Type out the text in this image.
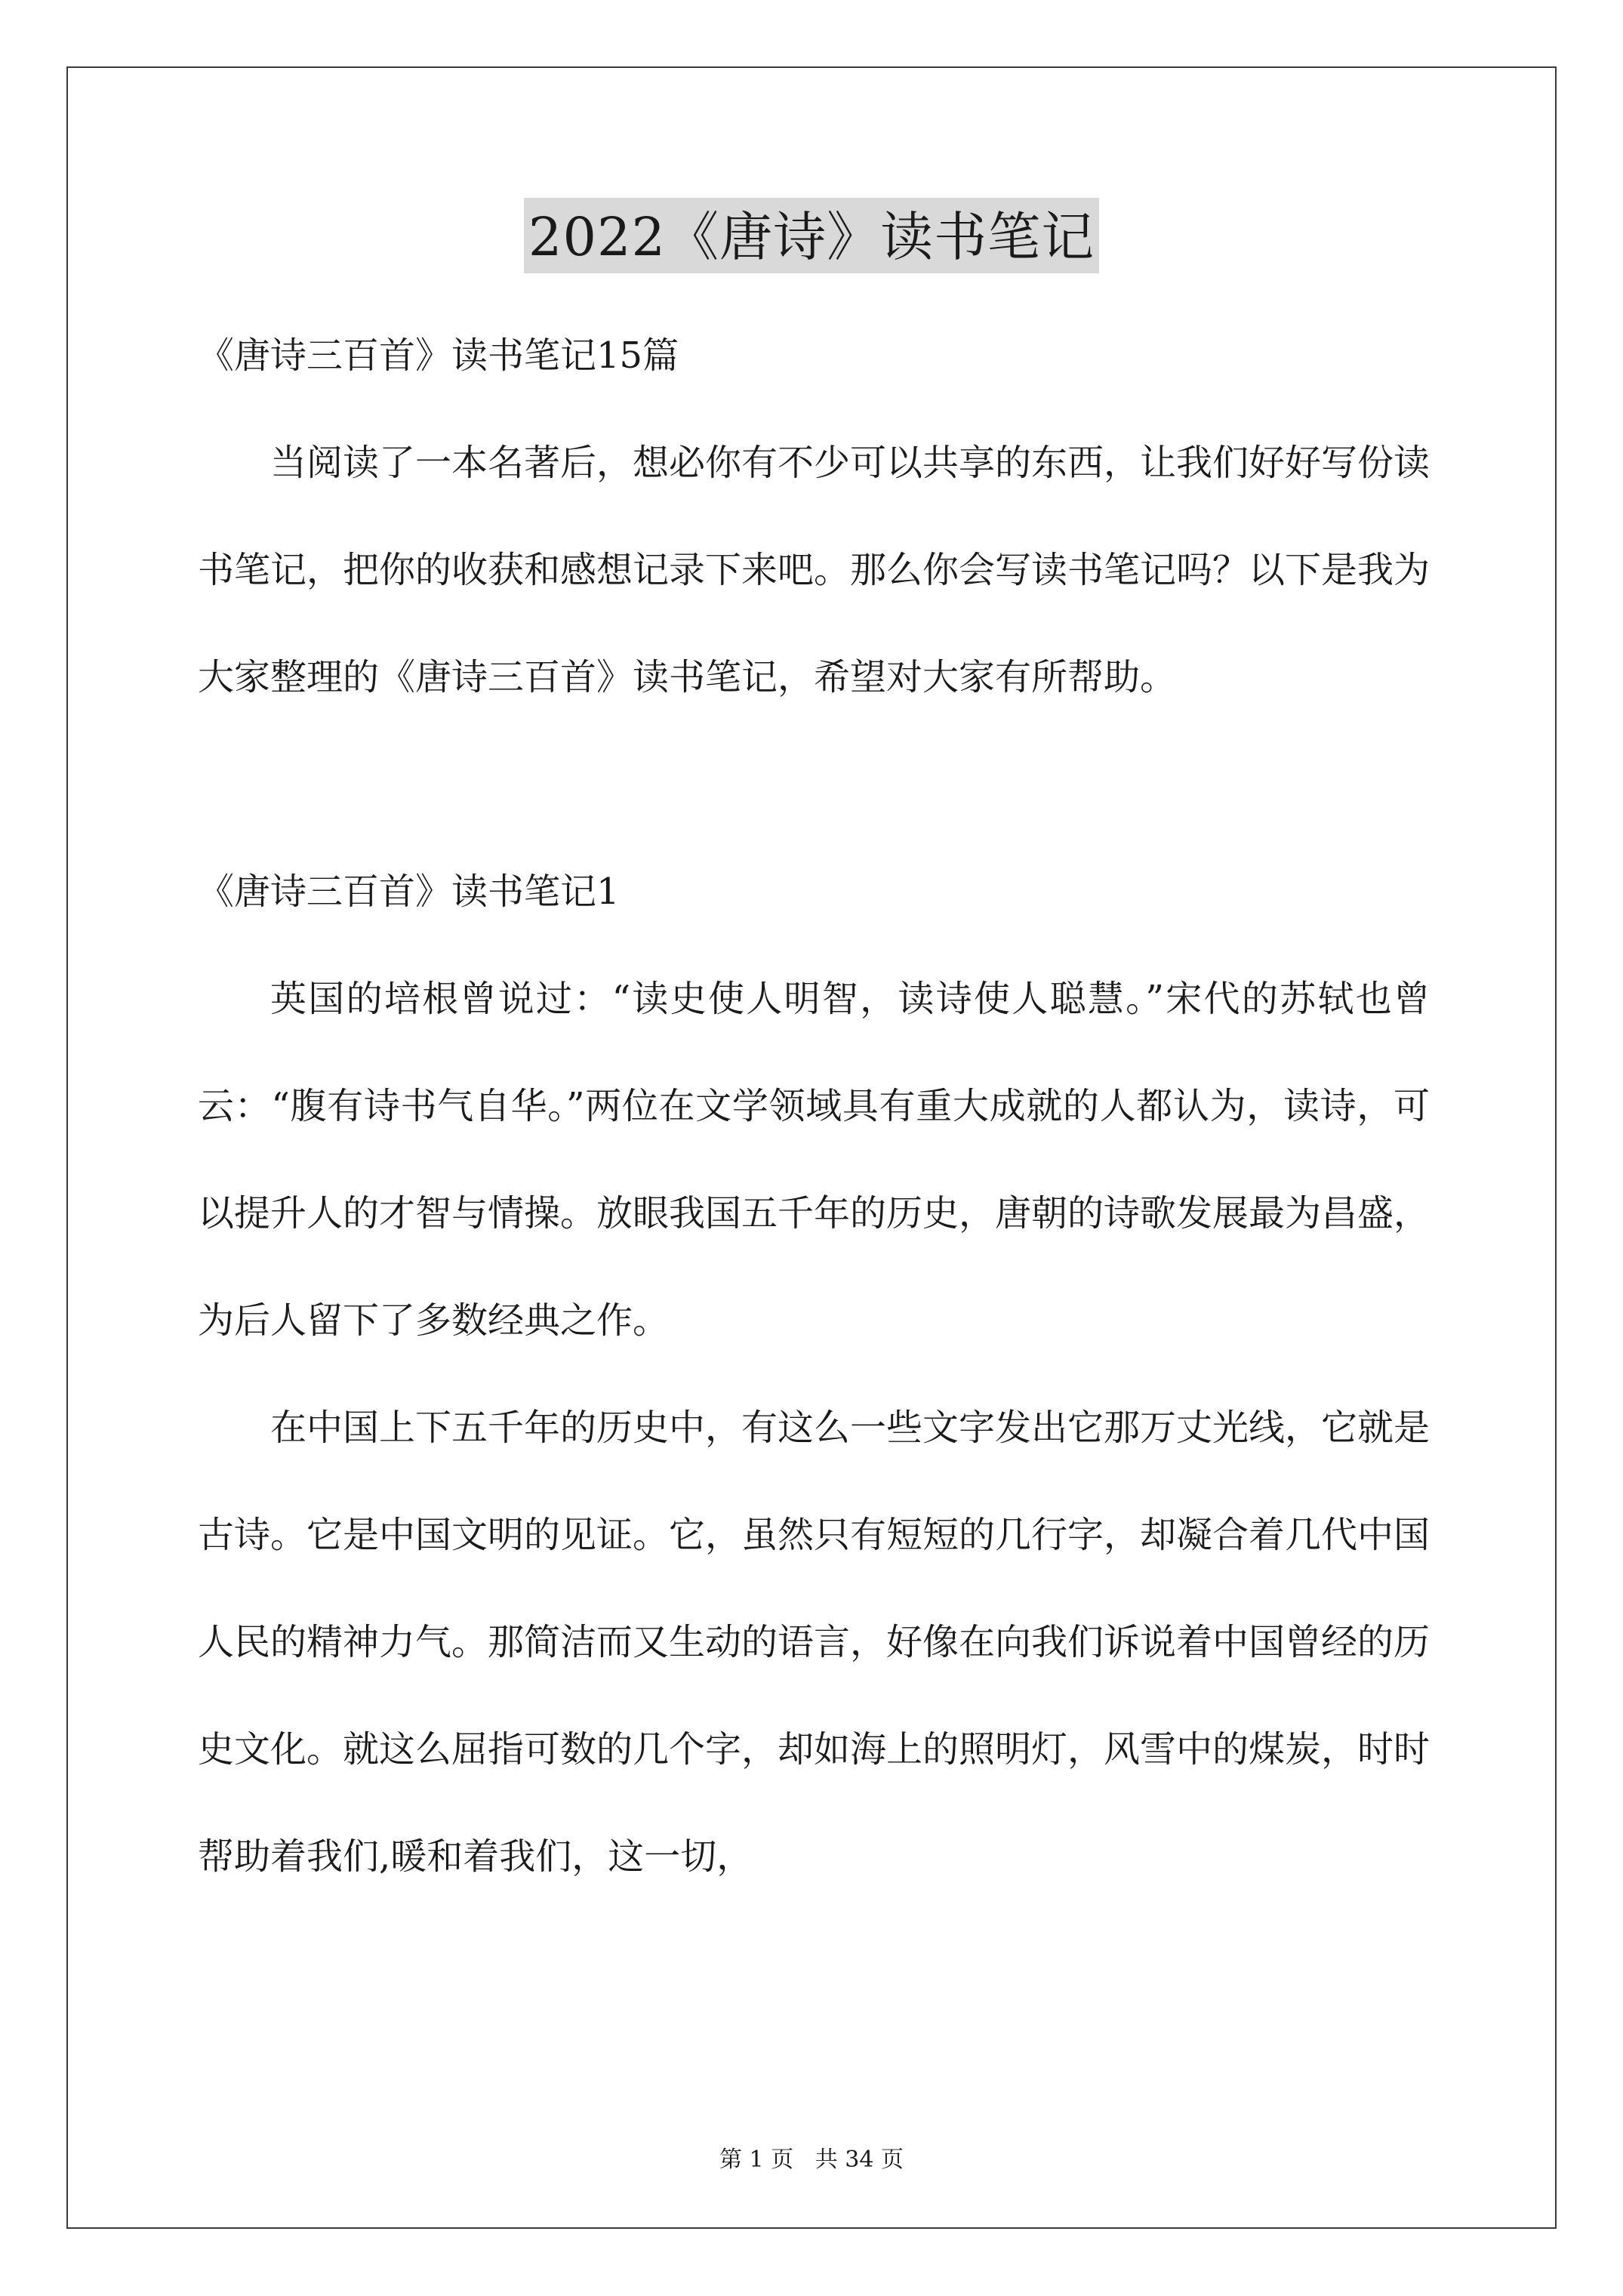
2022《唐诗》读书笔记

《唐诗三百首》读书笔记15篇

当阅读了一本名著后，想必你有不少可以共享的东西，让我们好好写份读书笔记，把你的收获和感想记录下来吧。那么你会写读书笔记吗？以下是我为大家整理的《唐诗三百首》读书笔记，希望对大家有所帮助。

《唐诗三百首》读书笔记1

英国的培根曾说过：“读史使人明智，读诗使人聪慧。”宋代的苏轼也曾云：“腹有诗书气自华。”两位在文学领域具有重大成就的人都认为，读诗，可以提升人的才智与情操。放眼我国五千年的历史，唐朝的诗歌发展最为昌盛，为后人留下了多数经典之作。

在中国上下五千年的历史中，有这么一些文字发出它那万丈光线，它就是古诗。它是中国文明的见证。它，虽然只有短短的几行字，却凝合着几代中国人民的精神力气。那简洁而又生动的语言，好像在向我们诉说着中国曾经的历史文化。就这么屈指可数的几个字，却如海上的照明灯，风雪中的煤炭，时时帮助着我们,暖和着我们，这一切，

第 1 页 共 34 页
